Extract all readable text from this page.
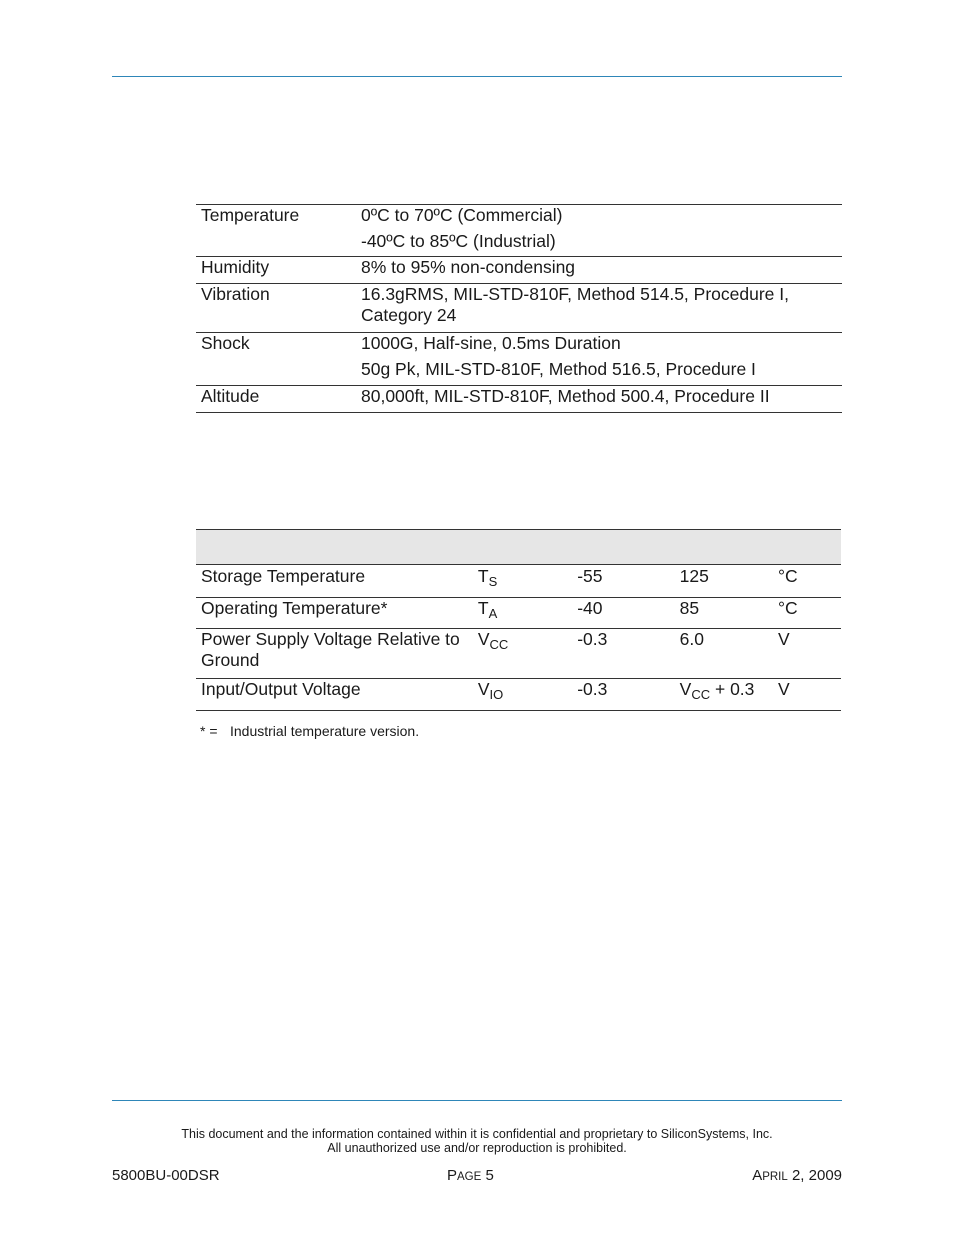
Temperature	0ºC to 70ºC (Commercial)
	-40ºC to 85ºC (Industrial)
Humidity	8% to 95% non-condensing
Vibration	16.3gRMS, MIL-STD-810F, Method 514.5, Procedure I, Category 24
Shock	1000G, Half-sine, 0.5ms Duration
	50g Pk, MIL-STD-810F, Method 516.5, Procedure I
Altitude	80,000ft, MIL-STD-810F, Method 500.4, Procedure II

Storage Temperature	$T_S$	-55	125	°C
Operating Temperature*	$T_A$	-40	85	°C
Power Supply Voltage Relative to Ground	$V_{CC}$	-0.3	6.0	V
Input/Output Voltage	$V_{IO}$	-0.3	$V_{CC} + 0.3$	V
* = Industrial temperature version.
This document and the information contained within it is confidential and proprietary to SiliconSystems, Inc.
All unauthorized use and/or reproduction is prohibited.
5800BU-00DSR	PAGE 5	APRIL 2, 2009
